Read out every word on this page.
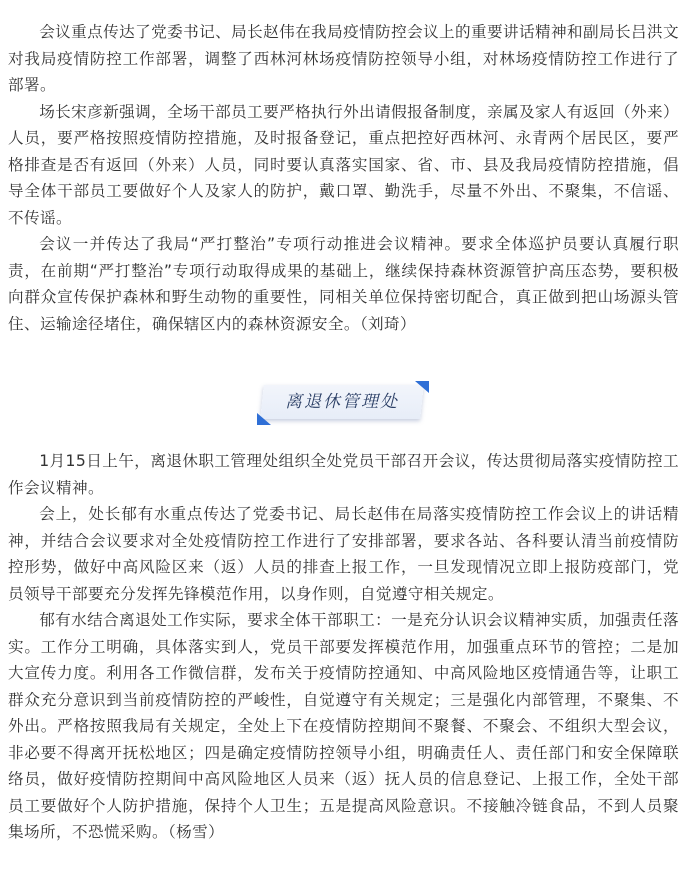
会议重点传达了党委书记、局长赵伟在我局疫情防控会议上的重要讲话精神和副局长吕洪文对我局疫情防控工作部署，调整了西林河林场疫情防控领导小组，对林场疫情防控工作进行了部署。

场长宋彦新强调，全场干部员工要严格执行外出请假报备制度，亲属及家人有返回（外来）人员，要严格按照疫情防控措施，及时报备登记，重点把控好西林河、永青两个居民区，要严格排查是否有返回（外来）人员，同时要认真落实国家、省、市、县及我局疫情防控措施，倡导全体干部员工要做好个人及家人的防护，戴口罩、勤洗手，尽量不外出、不聚集，不信谣、不传谣。

会议一并传达了我局“严打整治”专项行动推进会议精神。要求全体巡护员要认真履行职责，在前期“严打整治”专项行动取得成果的基础上，继续保持森林资源管护高压态势，要积极向群众宣传保护森林和野生动物的重要性，同相关单位保持密切配合，真正做到把山场源头管住、运输途径堵住，确保辖区内的森林资源安全。（刘琦）

离退休管理处

1月15日上午，离退休职工管理处组织全处党员干部召开会议，传达贯彻局落实疫情防控工作会议精神。

会上，处长郁有水重点传达了党委书记、局长赵伟在局落实疫情防控工作会议上的讲话精神，并结合会议要求对全处疫情防控工作进行了安排部署，要求各站、各科要认清当前疫情防控形势，做好中高风险区来（返）人员的排查上报工作，一旦发现情况立即上报防疫部门，党员领导干部要充分发挥先锋模范作用，以身作则，自觉遵守相关规定。

郁有水结合离退处工作实际，要求全体干部职工：一是充分认识会议精神实质，加强责任落实。工作分工明确，具体落实到人，党员干部要发挥模范作用，加强重点环节的管控；二是加大宣传力度。利用各工作微信群，发布关于疫情防控通知、中高风险地区疫情通告等，让职工群众充分意识到当前疫情防控的严峻性，自觉遵守有关规定；三是强化内部管理，不聚集、不外出。严格按照我局有关规定，全处上下在疫情防控期间不聚餐、不聚会、不组织大型会议，非必要不得离开抚松地区；四是确定疫情防控领导小组，明确责任人、责任部门和安全保障联络员，做好疫情防控期间中高风险地区人员来（返）抚人员的信息登记、上报工作，全处干部员工要做好个人防护措施，保持个人卫生；五是提高风险意识。不接触冷链食品，不到人员聚集场所，不恐慌采购。（杨雪）
